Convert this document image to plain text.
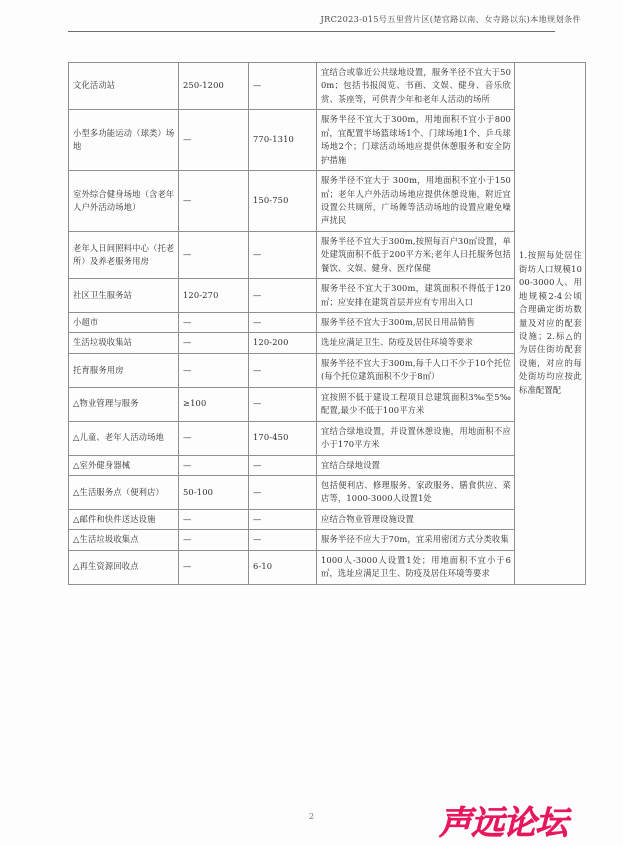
JRC2023-015号五里营片区(楚官路以南、女寺路以东)本地规划条件
文化活动站	250-1200	—	宜结合或靠近公共绿地设置，服务半径不宜大于500m；包括书报阅览、书画、文娱、健身、音乐欣赏、茶座等，可供青少年和老年人活动的场所	1.按照每处居住街坊人口规模1000-3000人、用地规模2-4公顷合理确定街坊数量及对应的配套设施；2.标△的为居住街坊配套设施，对应的每处街坊均应按此标准配置配
小型多功能运动（球类）场地	—	770-1310	服务半径不宜大于300m，用地面积不宜小于800㎡，宜配置半场篮球场1个、门球场地1个、乒乓球场地2个；门球活动场地应提供休憩服务和安全防护措施	
室外综合健身场地（含老年人户外活动场地）	—	150-750	服务半径不宜大于 300m，用地面积不宜小于150㎡；老年人户外活动场地应提供休憩设施，附近宜设置公共厕所，广场舞等活动场地的设置应避免噪声扰民	
老年人日间照料中心（托老所）及养老服务用房	—	—	服务半径不宜大于300m,按照每百户30㎡设置，单处建筑面积不低于200平方米;老年人日托服务包括餐饮、文娱、健身、医疗保健	
社区卫生服务站	120-270	—	服务半径不宜大于300m，建筑面积不得低于120㎡；应安排在建筑首层并应有专用出入口	
小超市	—	—	服务半径不宜大于300m,居民日用品销售	
生活垃圾收集站	—	120-200	选址应满足卫生、防疫及居住环境等要求	
托育服务用房	—	—	服务半径不宜大于300m,每千人口不少于10个托位(每个托位建筑面积不少于8㎡）	
△物业管理与服务	≥100	—	宜按照不低于建设工程项目总建筑面积3‰至5‰配置,最少不低于100平方米	
△儿童、老年人活动场地	—	170-450	宜结合绿地设置，并设置休憩设施，用地面积不应小于170平方米	
△室外健身器械	—	—	宜结合绿地设置	
△生活服务点（便利店）	50-100	—	包括便利店、修理服务、家政服务、膳食供应、菜店等，1000-3000人设置1处	
△邮件和快件送达设施	—	—	应结合物业管理设施设置	
△生活垃圾收集点	—	—	服务半径不应大于70m，宜采用密闭方式分类收集	
△再生资源回收点	—	6-10	1000人-3000人设置1处；用地面积不宜小于6㎡，选址应满足卫生、防疫及居住环境等要求	
2	声远论坛
